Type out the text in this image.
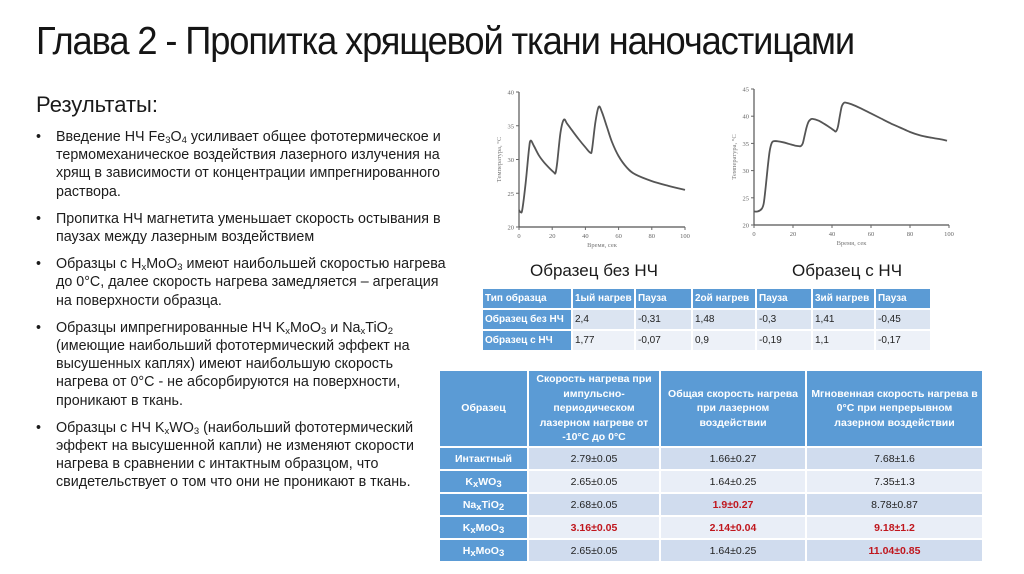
Глава 2 - Пропитка хрящевой ткани наночастицами
Результаты:
• Введение НЧ $Fe_3O_4$ усиливает общее фототермическое и термомеханическое воздействия лазерного излучения на хрящ в зависимости от концентрации импрегнированного раствора.
• Пропитка НЧ магнетита уменьшает скорость остывания в паузах между лазерным воздействием
• Образцы с $H_xMoO_3$ имеют наибольшей скоростью нагрева до 0°C, далее скорость нагрева замедляется – агрегация на поверхности образца.
• Образцы импрегнированные НЧ $K_xMoO_3$ и $Na_xTiO_2$ (имеющие наибольший фототермический эффект на высушенных каплях) имеют наибольшую скорость нагрева от 0°C - не абсорбируются на поверхности, проникают в ткань.
• Образцы с НЧ $K_xWO_3$ (наибольший фототермический эффект на высушенной капли) не изменяют скорости нагрева в сравнении с интактным образцом, что свидетельствует о том что они не проникают в ткань.
20
25
30
35
40
0	20	40	60	80	100
Время, сек
Температура, °C
Образец без НЧ
20
25
30
35
40
45
0	20	40	60	80	100
Время, сек
Температура, °C
Образец с НЧ
Тип образца	1ый нагрев	Пауза	2ой нагрев	Пауза	3ий нагрев	Пауза
Образец без НЧ	2,4	-0,31	1,48	-0,3	1,41	-0,45
Образец с НЧ	1,77	-0,07	0,9	-0,19	1,1	-0,17
Образец	Скорость нагрева при импульсно-периодическом лазерном нагреве от -10°C до 0°C	Общая скорость нагрева при лазерном воздействии	Мгновенная скорость нагрева в 0°C при непрерывном лазерном воздействии
Интактный	2.79±0.05	1.66±0.27	7.68±1.6
$K_xWO_3$	2.65±0.05	1.64±0.25	7.35±1.3
$Na_xTiO_2$	2.68±0.05	1.9±0.27	8.78±0.87
$K_xMoO_3$	3.16±0.05	2.14±0.04	9.18±1.2
$H_xMoO_3$	2.65±0.05	1.64±0.25	11.04±0.85
